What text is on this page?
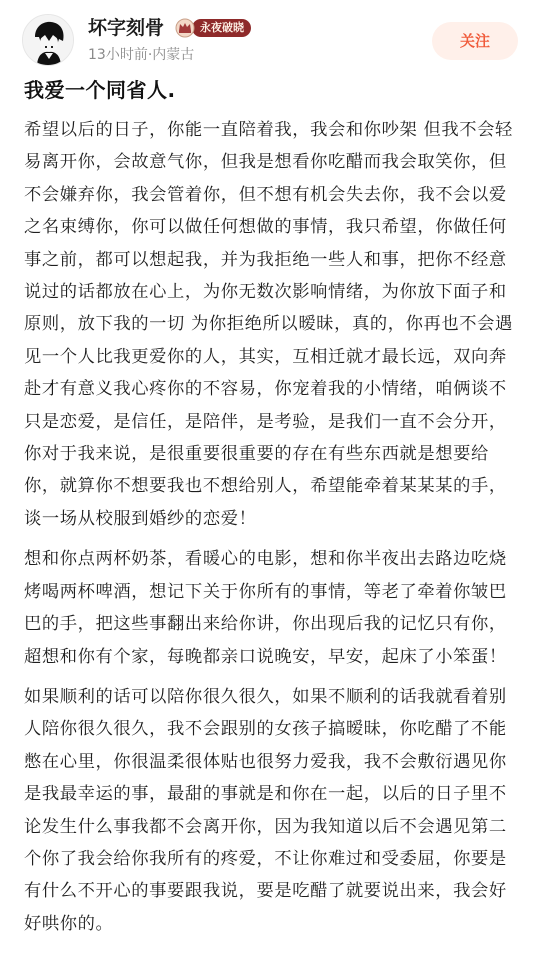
坏字刻骨	永夜破晓
13小时前·内蒙古
关注
我爱一个同省人.

希望以后的日子，你能一直陪着我，我会和你吵架 但我不会轻易离开你，会故意气你，但我是想看你吃醋而我会取笑你，但不会嫌弃你，我会管着你，但不想有机会失去你，我不会以爱之名束缚你，你可以做任何想做的事情，我只希望，你做任何事之前，都可以想起我，并为我拒绝一些人和事，把你不经意说过的话都放在心上，为你无数次影响情绪，为你放下面子和原则，放下我的一切 为你拒绝所以暧昧，真的，你再也不会遇见一个人比我更爱你的人，其实，互相迁就才最长远，双向奔赴才有意义我心疼你的不容易，你宠着我的小情绪，咱俩谈不只是恋爱，是信任，是陪伴，是考验，是我们一直不会分开，你对于我来说，是很重要很重要的存在有些东西就是想要给你，就算你不想要我也不想给别人，希望能牵着某某某的手，谈一场从校服到婚纱的恋爱！

想和你点两杯奶茶，看暖心的电影，想和你半夜出去路边吃烧烤喝两杯啤酒，想记下关于你所有的事情，等老了牵着你皱巴巴的手，把这些事翻出来给你讲，你出现后我的记忆只有你，超想和你有个家，每晚都亲口说晚安，早安，起床了小笨蛋！

如果顺利的话可以陪你很久很久，如果不顺利的话我就看着别人陪你很久很久，我不会跟别的女孩子搞暧昧，你吃醋了不能憋在心里，你很温柔很体贴也很努力爱我，我不会敷衍遇见你是我最幸运的事，最甜的事就是和你在一起，以后的日子里不论发生什么事我都不会离开你，因为我知道以后不会遇见第二个你了我会给你我所有的疼爱，不让你难过和受委屈，你要是有什么不开心的事要跟我说，要是吃醋了就要说出来，我会好好哄你的。
